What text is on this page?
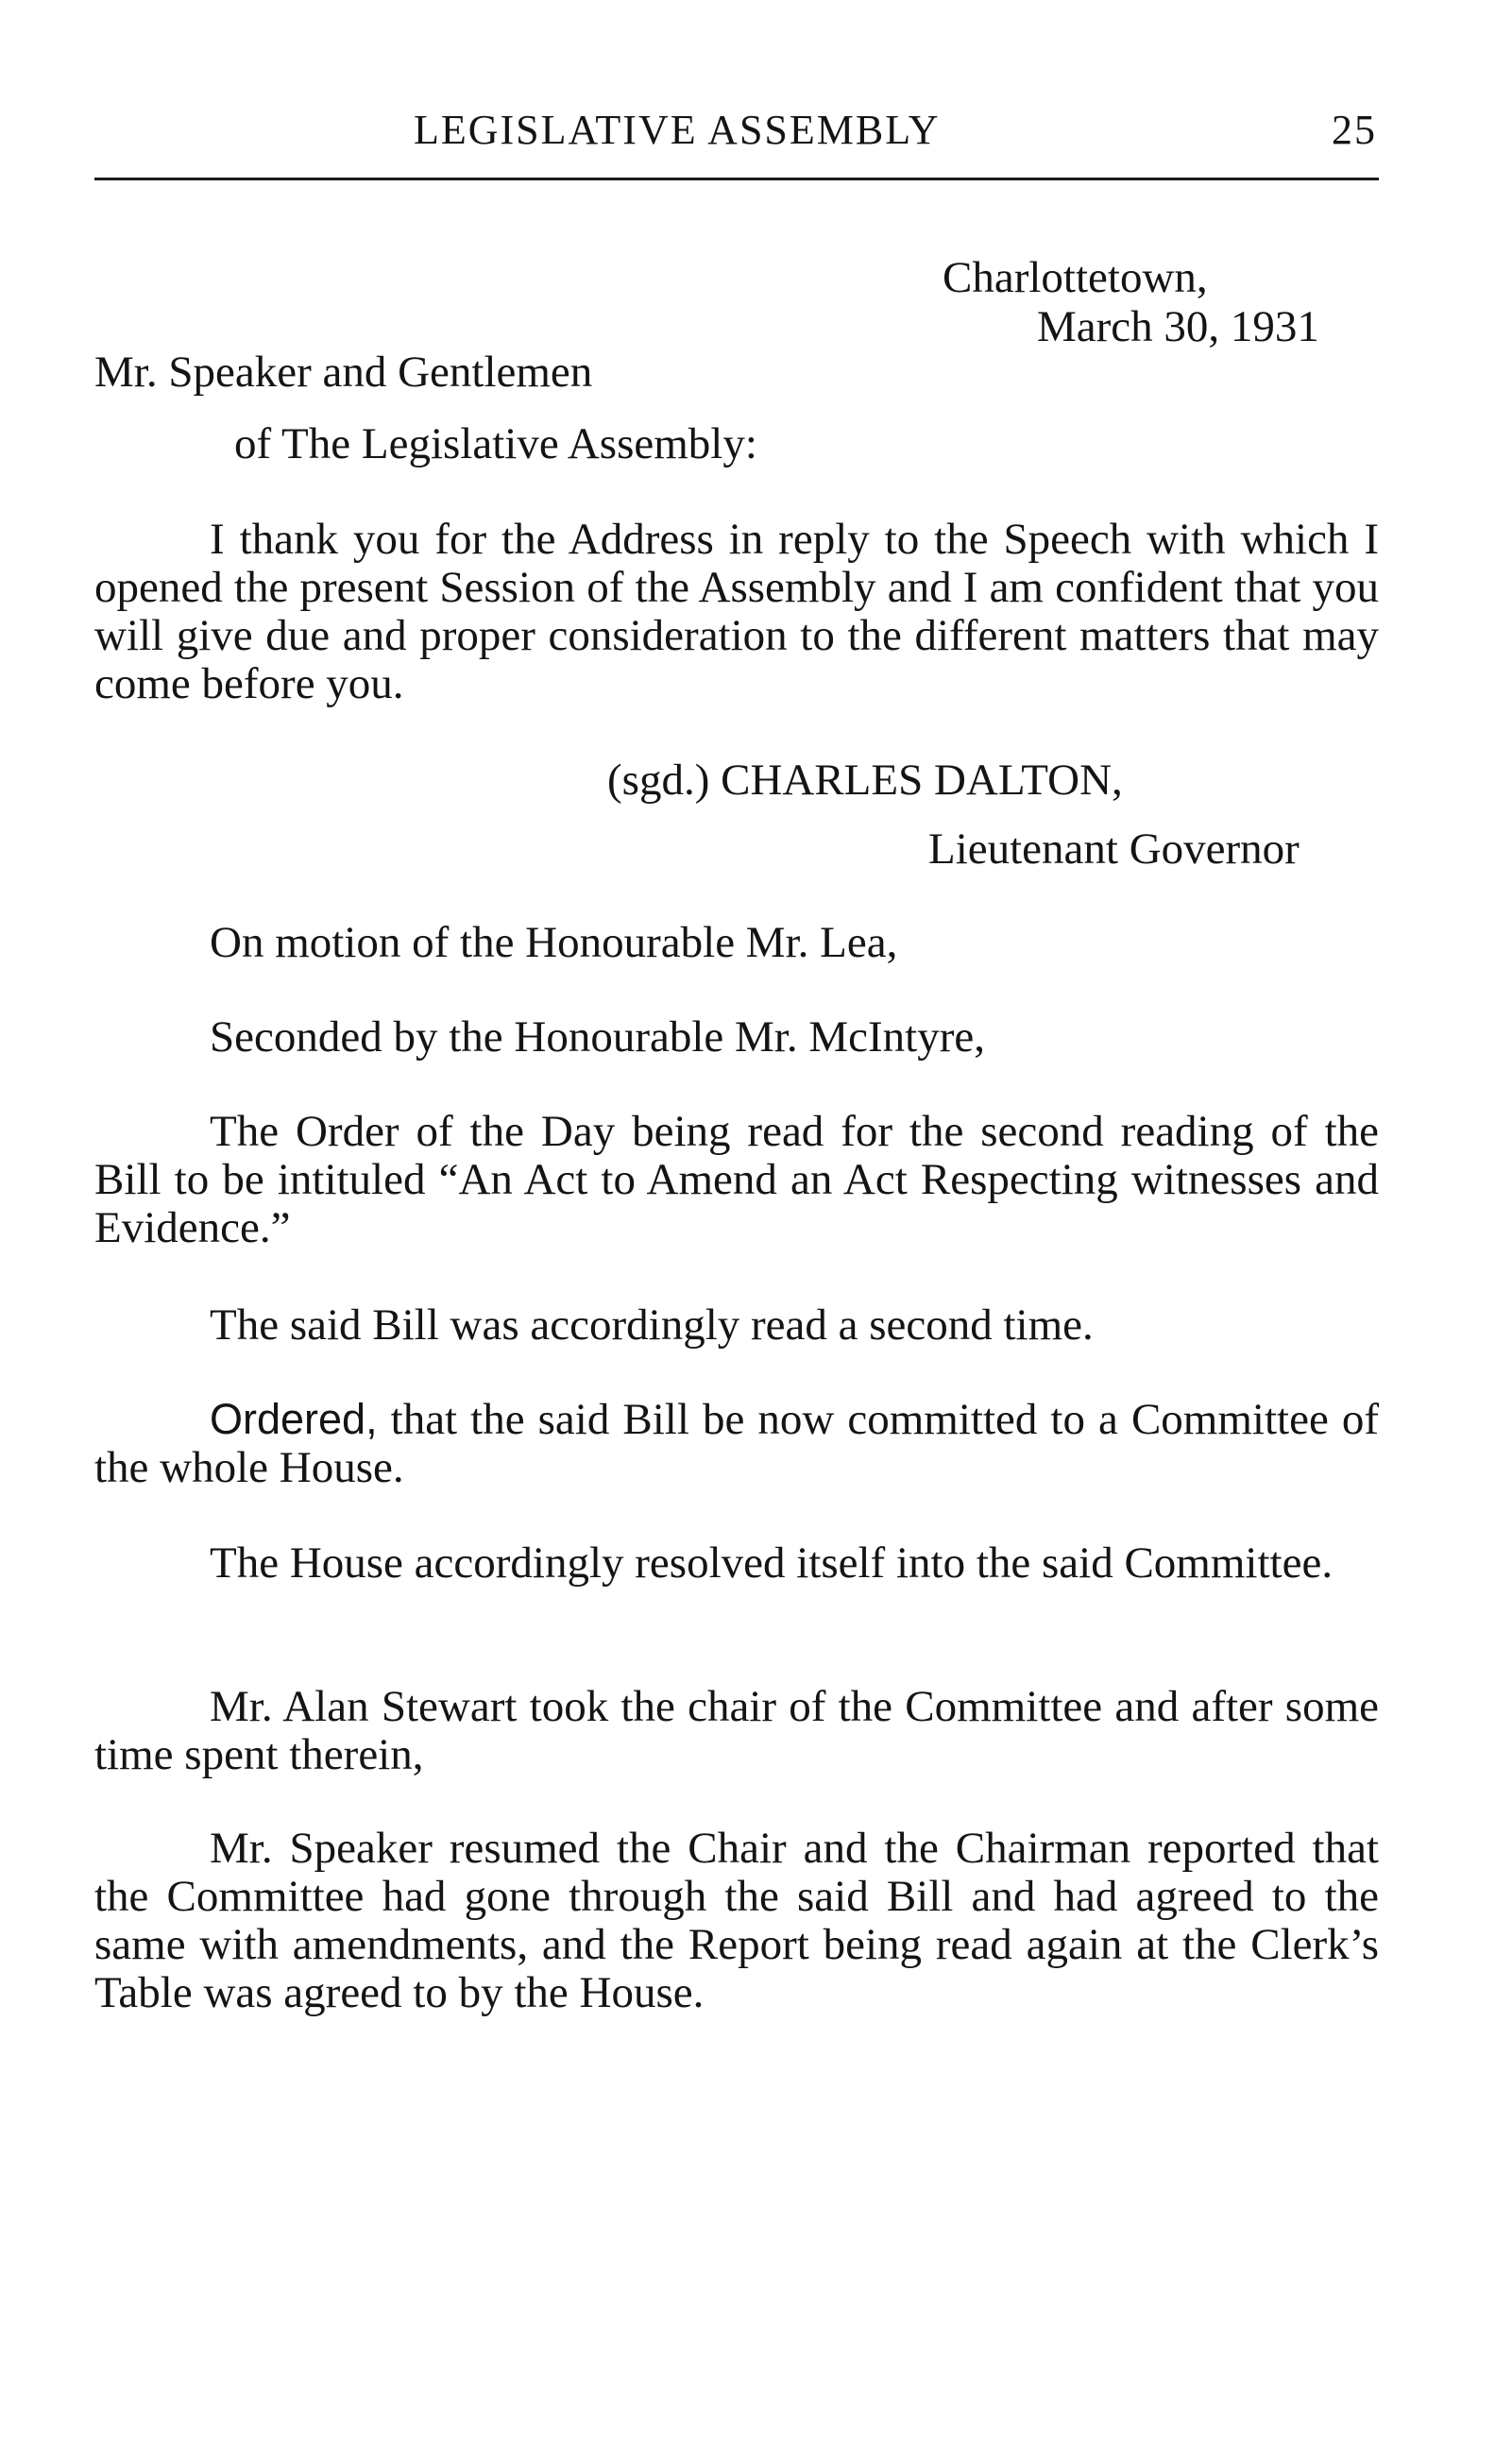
LEGISLATIVE ASSEMBLY	25
Charlottetown,
March 30, 1931
Mr. Speaker and Gentlemen
of The Legislative Assembly:

I thank you for the Address in reply to the Speech with which I opened the present Session of the Assembly and I am confident that you will give due and proper consideration to the different matters that may come before you.

(sgd.) CHARLES DALTON,
Lieutenant Governor
On motion of the Honourable Mr. Lea,
Seconded by the Honourable Mr. McIntyre,

The Order of the Day being read for the second reading of the Bill to be intituled “An Act to Amend an Act Respecting witnesses and Evidence.”

The said Bill was accordingly read a second time.

Ordered, that the said Bill be now committed to a Committee of the whole House.

The House accordingly resolved itself into the said Committee.

Mr. Alan Stewart took the chair of the Committee and after some time spent therein,

Mr. Speaker resumed the Chair and the Chairman reported that the Committee had gone through the said Bill and had agreed to the same with amendments, and the Report being read again at the Clerk’s Table was agreed to by the House.
